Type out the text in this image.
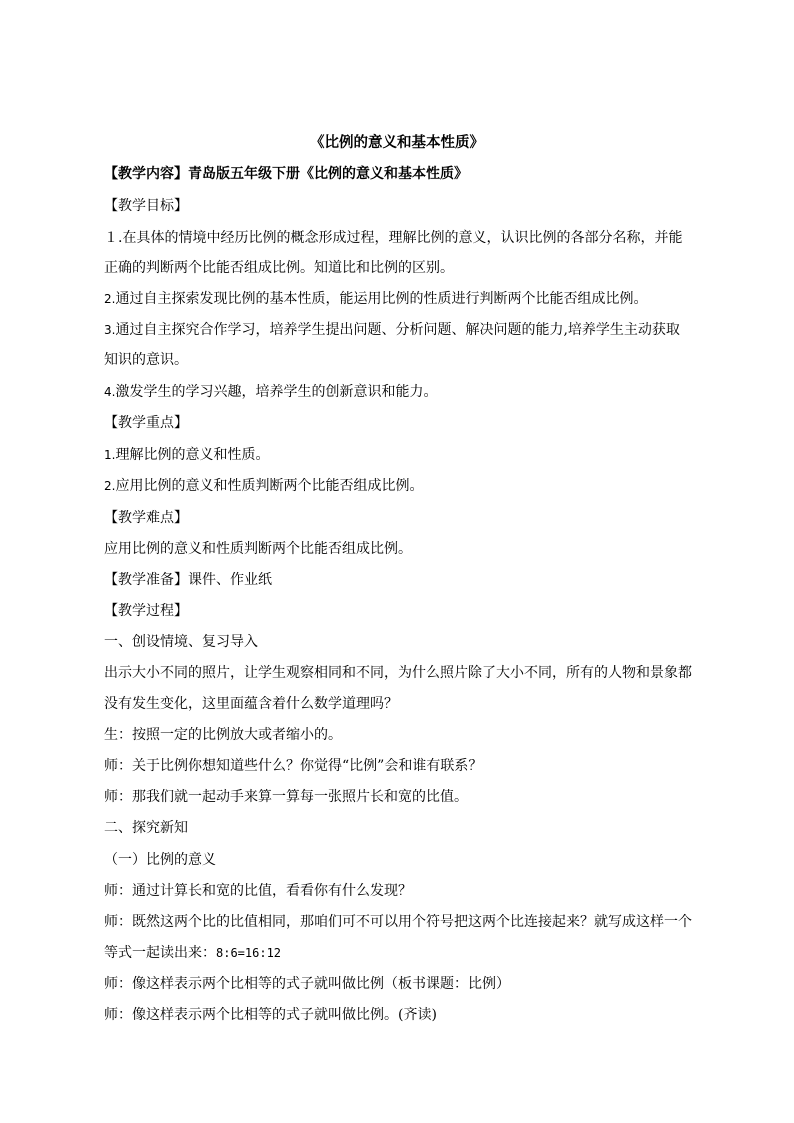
《比例的意义和基本性质》
【教学内容】青岛版五年级下册《比例的意义和基本性质》
【教学目标】
１.在具体的情境中经历比例的概念形成过程，理解比例的意义，认识比例的各部分名称，并能
正确的判断两个比能否组成比例。知道比和比例的区别。
2.通过自主探索发现比例的基本性质，能运用比例的性质进行判断两个比能否组成比例。
3.通过自主探究合作学习，培养学生提出问题、分析问题、解决问题的能力,培养学生主动获取
知识的意识。
4.激发学生的学习兴趣，培养学生的创新意识和能力。
【教学重点】
1.理解比例的意义和性质。
2.应用比例的意义和性质判断两个比能否组成比例。
【教学难点】
应用比例的意义和性质判断两个比能否组成比例。
【教学准备】课件、作业纸
【教学过程】
一、创设情境、复习导入
出示大小不同的照片，让学生观察相同和不同，为什么照片除了大小不同，所有的人物和景象都
没有发生变化，这里面蕴含着什么数学道理吗？
生：按照一定的比例放大或者缩小的。
师：关于比例你想知道些什么？你觉得“比例”会和谁有联系？
师：那我们就一起动手来算一算每一张照片长和宽的比值。
二、探究新知
（一）比例的意义
师：通过计算长和宽的比值，看看你有什么发现？
师：既然这两个比的比值相同，那咱们可不可以用个符号把这两个比连接起来？就写成这样一个
等式一起读出来：8:6=16:12
师：像这样表示两个比相等的式子就叫做比例（板书课题：比例）
师：像这样表示两个比相等的式子就叫做比例。(齐读)
